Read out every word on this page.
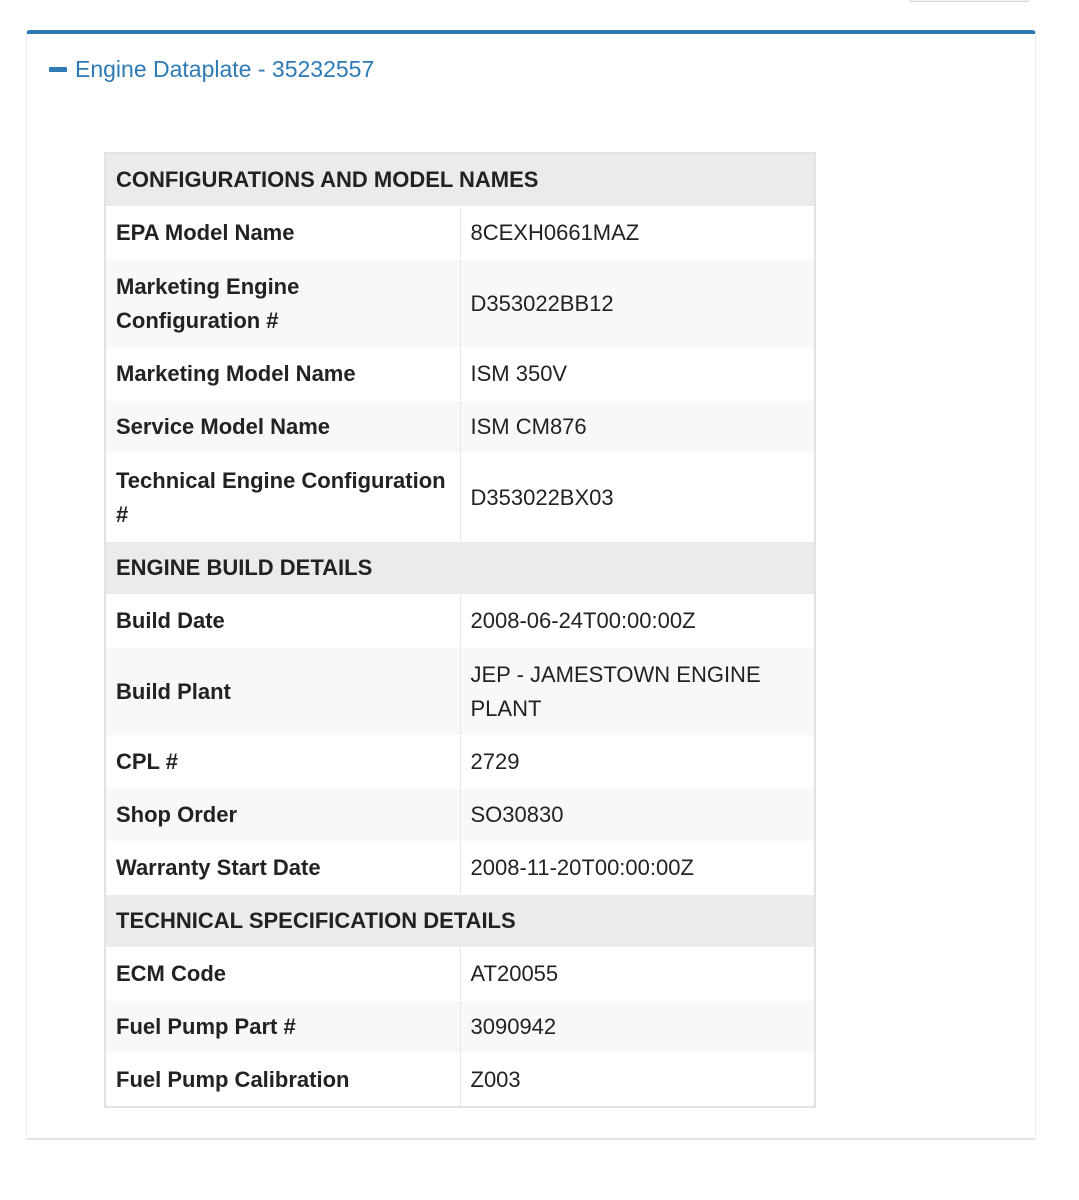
Engine Dataplate - 35232557
CONFIGURATIONS AND MODEL NAMES	
EPA Model Name	8CEXH0661MAZ
Marketing Engine Configuration #	D353022BB12
Marketing Model Name	ISM 350V
Service Model Name	ISM CM876
Technical Engine Configuration #	D353022BX03
ENGINE BUILD DETAILS	
Build Date	2008-06-24T00:00:00Z
Build Plant	JEP - JAMESTOWN ENGINE PLANT
CPL #	2729
Shop Order	SO30830
Warranty Start Date	2008-11-20T00:00:00Z
TECHNICAL SPECIFICATION DETAILS	
ECM Code	AT20055
Fuel Pump Part #	3090942
Fuel Pump Calibration	Z003
